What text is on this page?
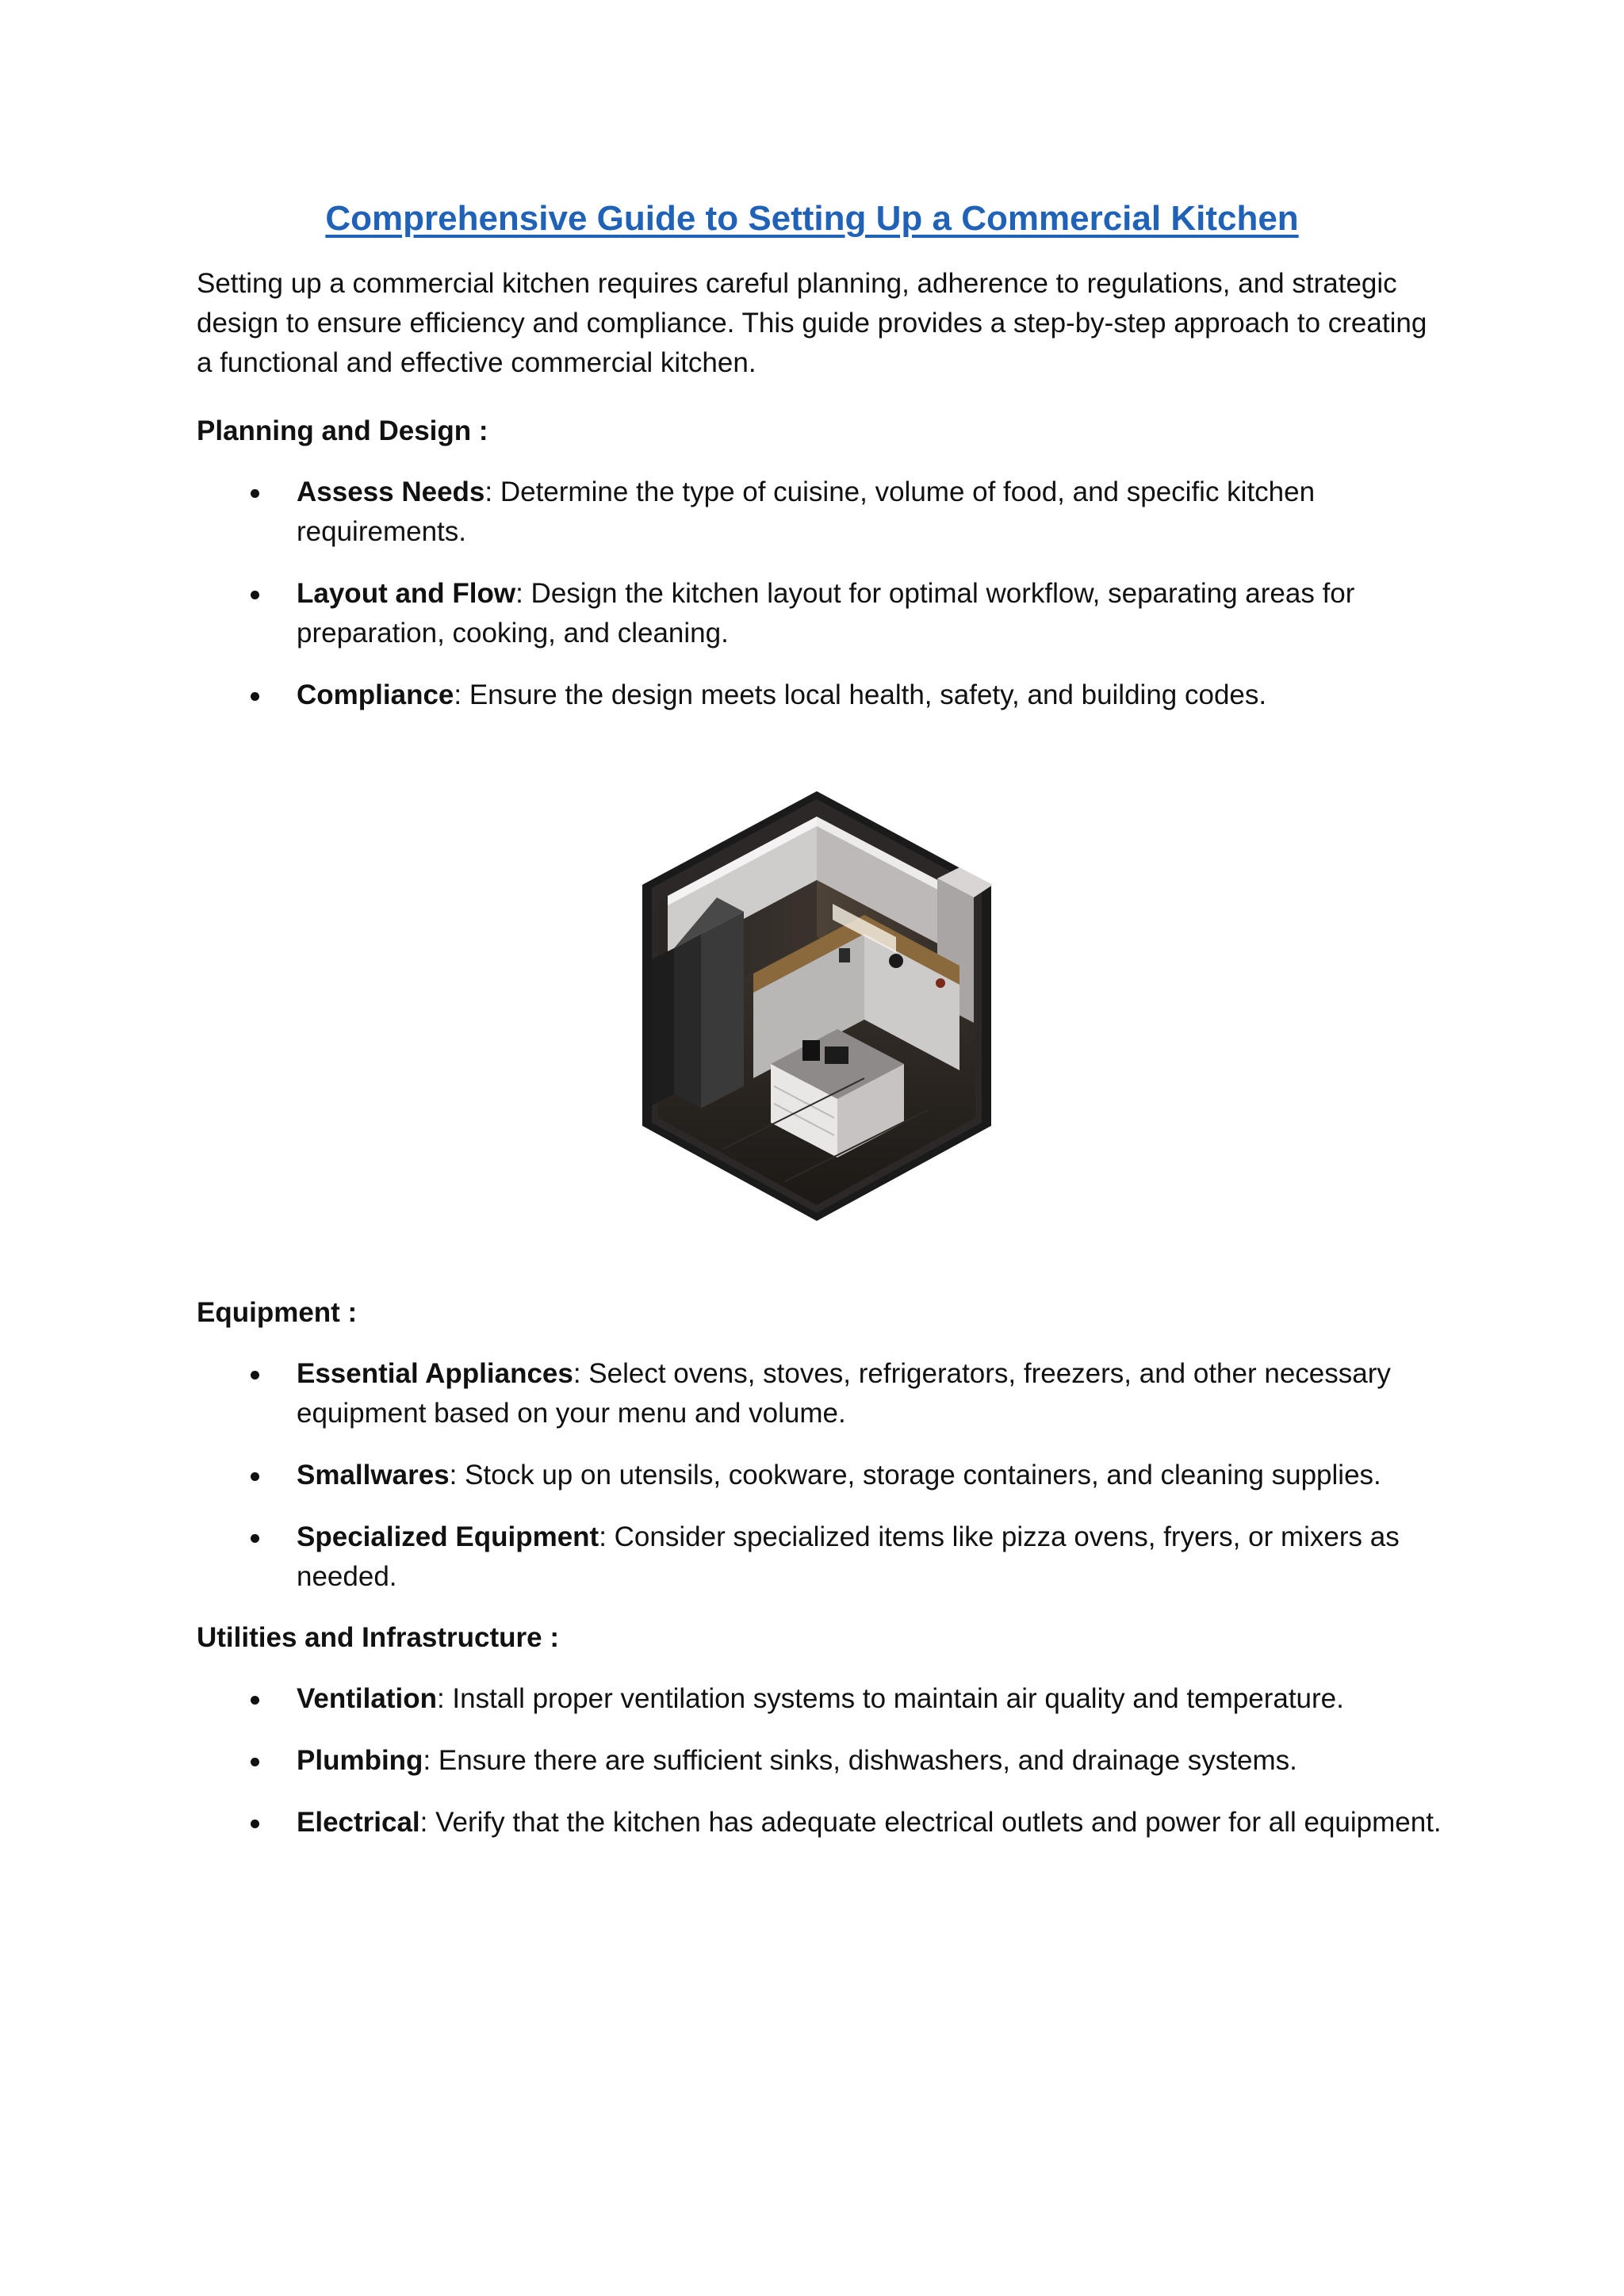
Comprehensive Guide to Setting Up a Commercial Kitchen

Setting up a commercial kitchen requires careful planning, adherence to regulations, and strategic design to ensure efficiency and compliance. This guide provides a step-by-step approach to creating a functional and effective commercial kitchen.

Planning and Design :
Assess Needs: Determine the type of cuisine, volume of food, and specific kitchen requirements.
Layout and Flow: Design the kitchen layout for optimal workflow, separating areas for preparation, cooking, and cleaning.
Compliance: Ensure the design meets local health, safety, and building codes.
Equipment :
Essential Appliances: Select ovens, stoves, refrigerators, freezers, and other necessary equipment based on your menu and volume.
Smallwares: Stock up on utensils, cookware, storage containers, and cleaning supplies.
Specialized Equipment: Consider specialized items like pizza ovens, fryers, or mixers as needed.
Utilities and Infrastructure :
Ventilation: Install proper ventilation systems to maintain air quality and temperature.
Plumbing: Ensure there are sufficient sinks, dishwashers, and drainage systems.
Electrical: Verify that the kitchen has adequate electrical outlets and power for all equipment.
